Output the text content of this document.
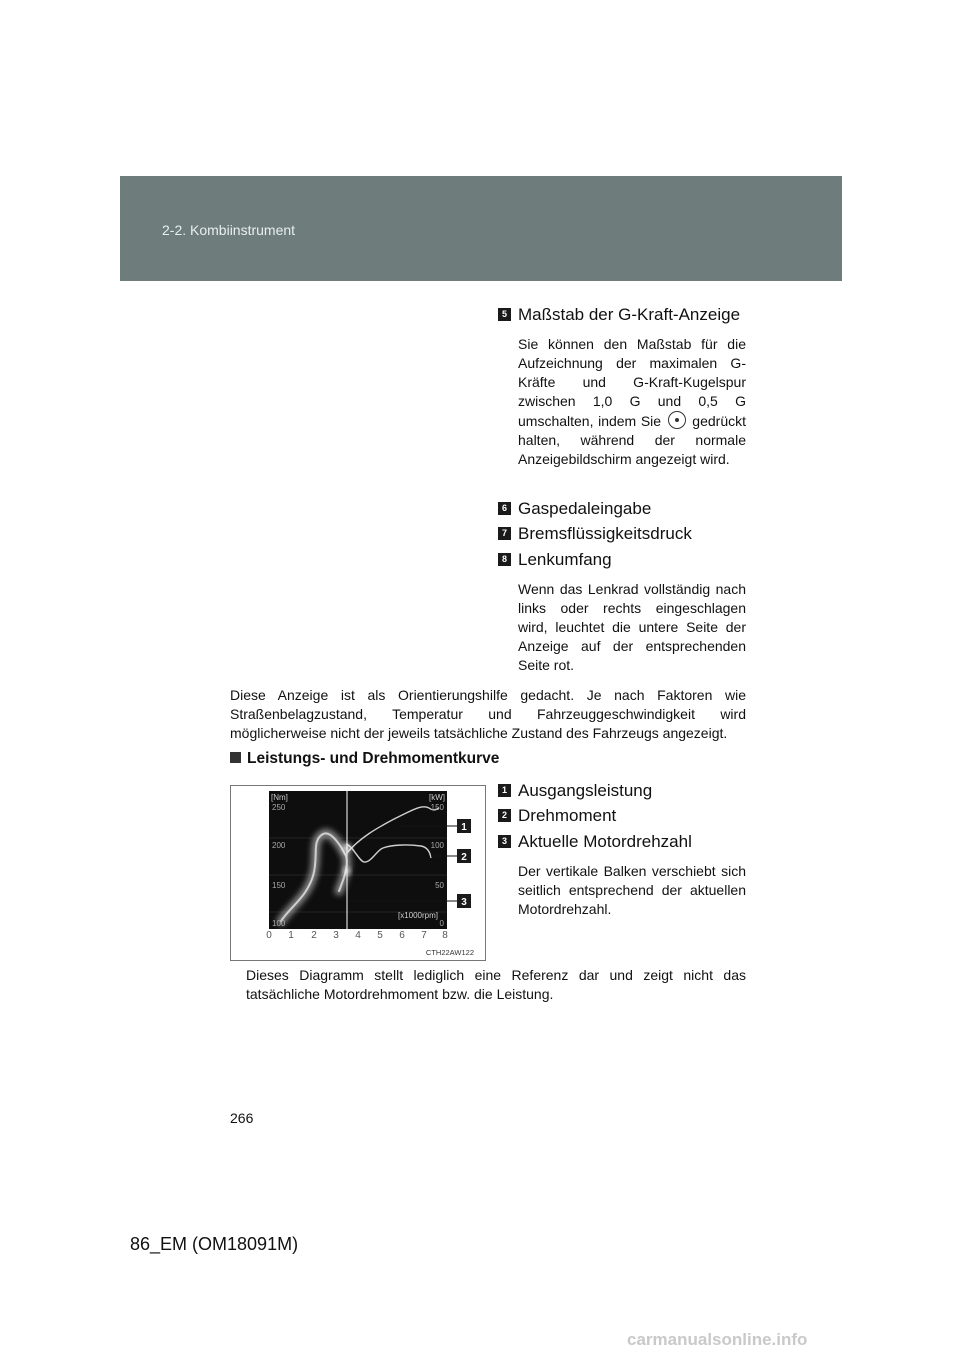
2-2. Kombiinstrument
5 Maßstab der G-Kraft-Anzeige

Sie können den Maßstab für die Aufzeichnung der maximalen G-Kräfte und G-Kraft-Kugelspur zwischen 1,0 G und 0,5 G umschalten, indem Sie gedrückt halten, während der normale Anzeigebildschirm angezeigt wird.

6 Gaspedaleingabe
7 Bremsflüssigkeitsdruck
8 Lenkumfang

Wenn das Lenkrad vollständig nach links oder rechts eingeschlagen wird, leuchtet die untere Seite der Anzeige auf der entsprechenden Seite rot.

Diese Anzeige ist als Orientierungshilfe gedacht. Je nach Faktoren wie Straßenbelagzustand, Temperatur und Fahrzeuggeschwindigkeit wird möglicherweise nicht der jeweils tatsächliche Zustand des Fahrzeugs angezeigt.
Leistungs- und Drehmomentkurve
[Nm]	[kW]
250
200
150
100
150
100
50
0
[x1000rpm]
0 1 2 3 4 5 6 7 8
1
2
3
CTH22AW122
1 Ausgangsleistung
2 Drehmoment
3 Aktuelle Motordrehzahl

Der vertikale Balken verschiebt sich seitlich entsprechend der aktuellen Motordrehzahl.

Dieses Diagramm stellt lediglich eine Referenz dar und zeigt nicht das tatsächliche Motordrehmoment bzw. die Leistung.
266
86_EM (OM18091M)
carmanualsonline.info
